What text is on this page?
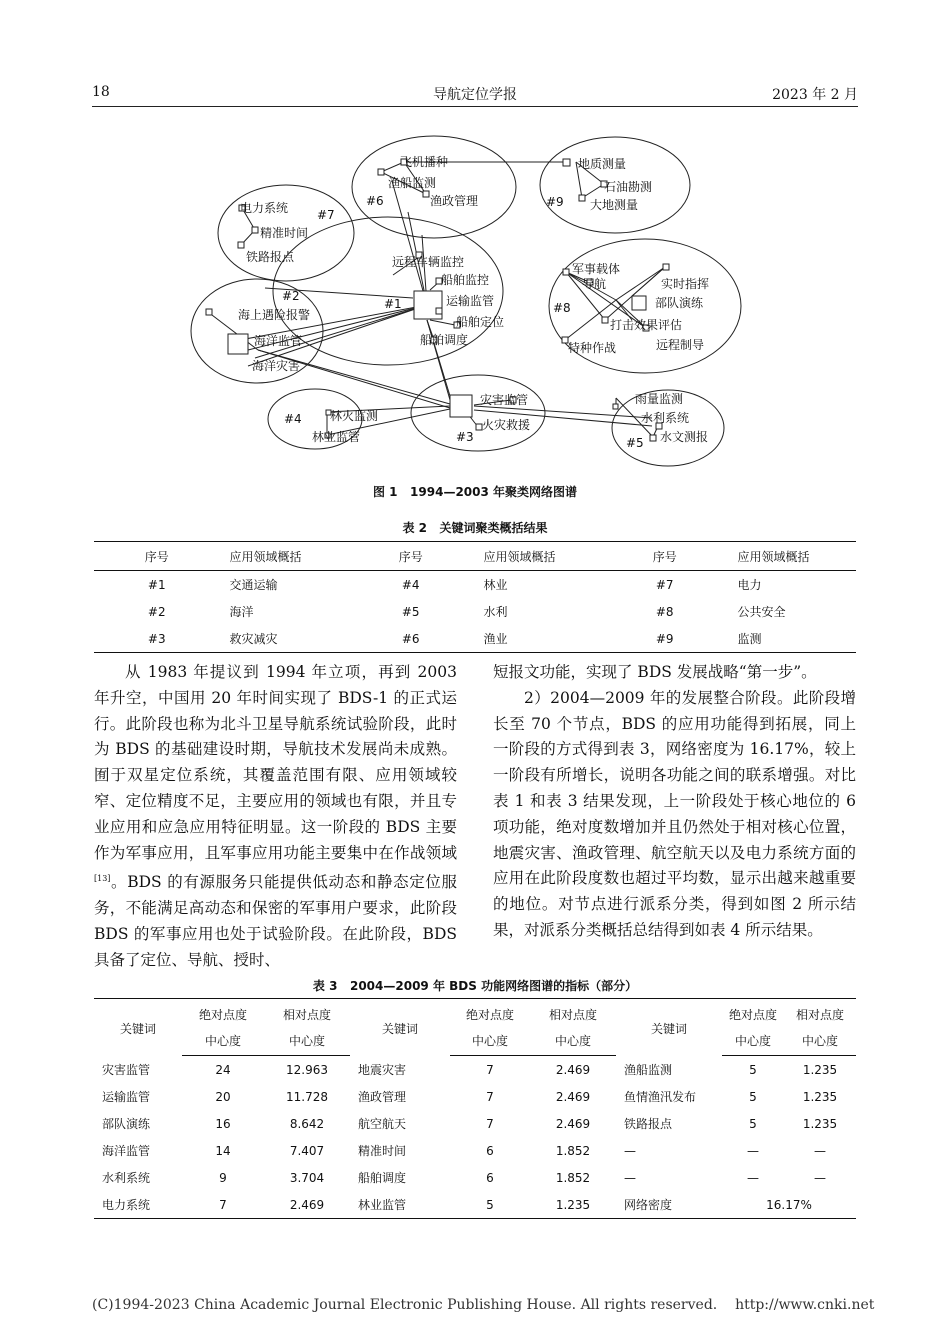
18	导航定位学报	2023 年 2 月
#1
#2
#3
#4
#5
#6
#7
#8
#9
远程车辆监控
船舶监控
运输监管
船舶定位
船舶调度
海上遇险报警
海洋监管
海洋灾害
灾害监管
火灾救援
林火监测
林业监管
雨量监测
水利系统
水文测报
飞机播种
渔船监测
渔政管理
电力系统
精准时间
铁路报点
军事载体
导航	实时指挥
部队演练
打击效果评估
特种作战	远程制导
地质测量
石油勘测
大地测量
图 1 1994—2003 年聚类网络图谱
表 2 关键词聚类概括结果
序号	应用领域概括	序号	应用领域概括	序号	应用领域概括
#1	交通运输	#4	林业	#7	电力
#2	海洋	#5	水利	#8	公共安全
#3	救灾减灾	#6	渔业	#9	监测

从 1983 年提议到 1994 年立项，再到 2003 年升空，中国用 20 年时间实现了 BDS-1 的正式运行。此阶段也称为北斗卫星导航系统试验阶段，此时为 BDS 的基础建设时期，导航技术发展尚未成熟。囿于双星定位系统，其覆盖范围有限、应用领域较窄、定位精度不足，主要应用的领域也有限，并且专业应用和应急应用特征明显。这一阶段的 BDS 主要作为军事应用，且军事应用功能主要集中在作战领域[13]。BDS 的有源服务只能提供低动态和静态定位服务，不能满足高动态和保密的军事用户要求，此阶段 BDS 的军事应用也处于试验阶段。在此阶段，BDS 具备了定位、导航、授时、

短报文功能，实现了 BDS 发展战略“第一步”。

2）2004—2009 年的发展整合阶段。此阶段增长至 70 个节点，BDS 的应用功能得到拓展，同上一阶段的方式得到表 3，网络密度为 16.17%，较上一阶段有所增长，说明各功能之间的联系增强。对比表 1 和表 3 结果发现，上一阶段处于核心地位的 6 项功能，绝对度数增加并且仍然处于相对核心位置，地震灾害、渔政管理、航空航天以及电力系统方面的应用在此阶段度数也超过平均数，显示出越来越重要的地位。对节点进行派系分类，得到如图 2 所示结果，对派系分类概括总结得到如表 4 所示结果。

表 3 2004—2009 年 BDS 功能网络图谱的指标（部分）
关键词	绝对点度	相对点度	关键词	绝对点度	相对点度	关键词	绝对点度	相对点度
	中心度	中心度		中心度	中心度		中心度	中心度
灾害监管	24	12.963	地震灾害	7	2.469	渔船监测	5	1.235
运输监管	20	11.728	渔政管理	7	2.469	鱼情渔汛发布	5	1.235
部队演练	16	8.642	航空航天	7	2.469	铁路报点	5	1.235
海洋监管	14	7.407	精准时间	6	1.852	—	—	—
水利系统	9	3.704	船舶调度	6	1.852	—	—	—
电力系统	7	2.469	林业监管	5	1.235	网络密度	16.17%	
(C)1994-2023 China Academic Journal Electronic Publishing House. All rights reserved. http://www.cnki.net
